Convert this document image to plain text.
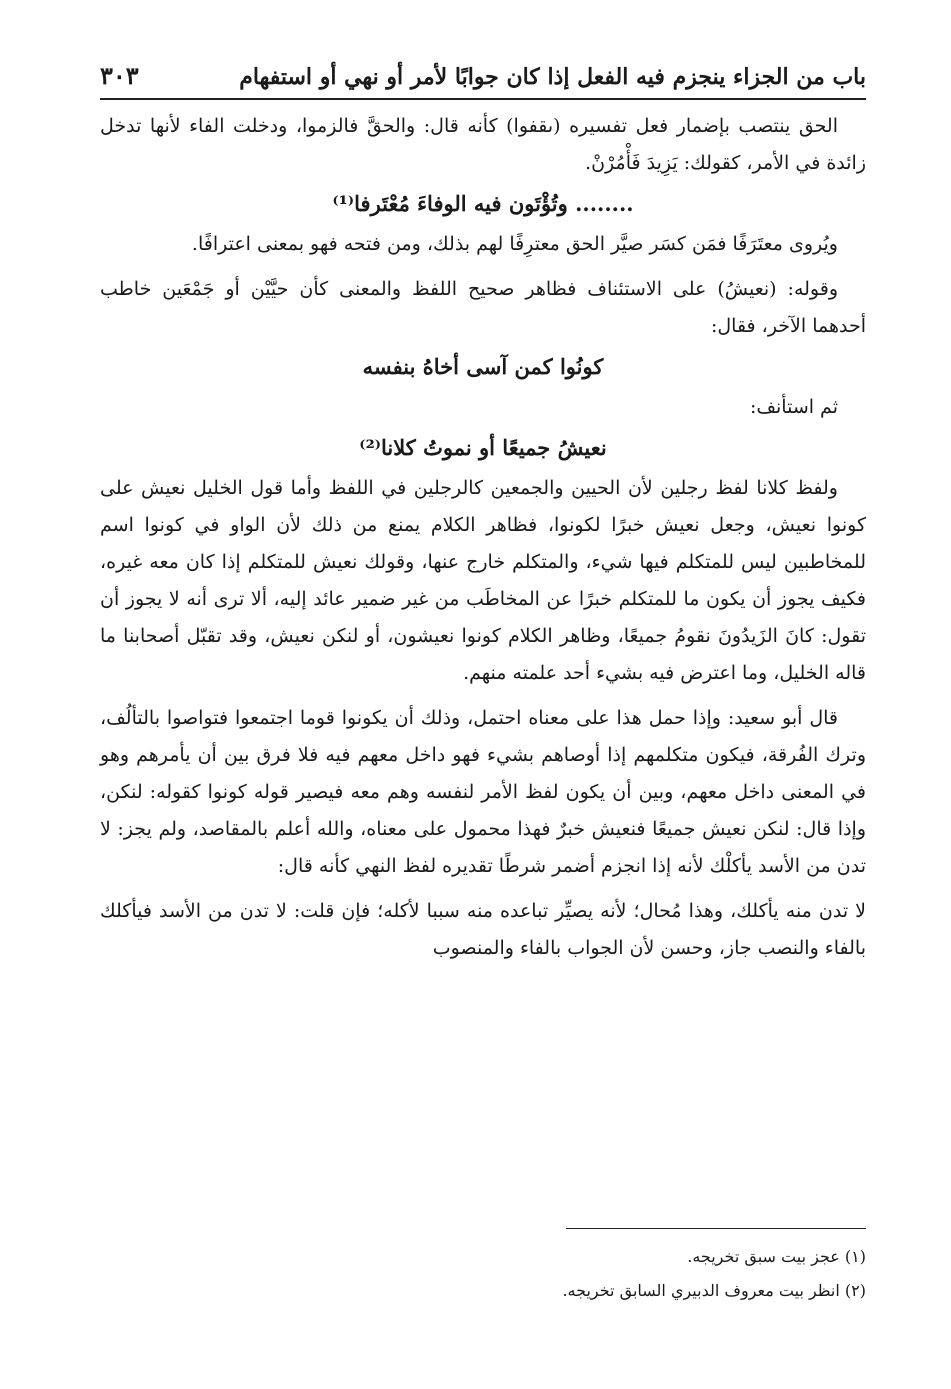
باب من الجزاء ينجزم فيه الفعل إذا كان جوابًا لأمر أو نهي أو استفهام
٣٠٣

الحق ينتصب بإضمار فعل تفسيره (ىقفوا) كأنه قال: والحقَّ فالزموا، ودخلت الفاء لأنها تدخل زائدة في الأمر، كقولك: يَزِيدَ فَأْمُرْنْ.

........ وتُؤْتَون فيه الوفاءَ مُعْتَرفا⁽¹⁾

ويُروى معتَرَفًا فمَن كسَر صيَّر الحق معترِفًا لهم بذلك، ومن فتحه فهو بمعنى اعترافًا.

وقوله: (نعيشُ) على الاستئناف فظاهر صحيح اللفظ والمعنى كأن حيَّيْن أو جَمْعَين خاطب أحدهما الآخر، فقال:

كونُوا كمن آسى أخاهُ بنفسه

ثم استأنف:

نعيشُ جميعًا أو نموتُ كلانا⁽²⁾

ولفظ كلانا لفظ رجلين لأن الحيين والجمعين كالرجلين في اللفظ وأما قول الخليل نعيش على كونوا نعيش، وجعل نعيش خبرًا لكونوا، فظاهر الكلام يمنع من ذلك لأن الواو في كونوا اسم للمخاطبين ليس للمتكلم فيها شيء، والمتكلم خارج عنها، وقولك نعيش للمتكلم إذا كان معه غيره، فكيف يجوز أن يكون ما للمتكلم خبرًا عن المخاطَب من غير ضمير عائد إليه، ألا ترى أنه لا يجوز أن تقول: كانَ الزَيدُونَ نقومُ جميعًا، وظاهر الكلام كونوا نعيشون، أو لنكن نعيش، وقد تقبّل أصحابنا ما قاله الخليل، وما اعترض فيه بشيء أحد علمته منهم.

قال أبو سعيد: وإذا حمل هذا على معناه احتمل، وذلك أن يكونوا قوما اجتمعوا فتواصوا بالتألُف، وترك الفُرقة، فيكون متكلمهم إذا أوصاهم بشيء فهو داخل معهم فيه فلا فرق بين أن يأمرهم وهو في المعنى داخل معهم، وبين أن يكون لفظ الأمر لنفسه وهم معه فيصير قوله كونوا كقوله: لنكن، وإذا قال: لنكن نعيش جميعًا فنعيش خبرٌ فهذا محمول على معناه، والله أعلم بالمقاصد، ولم يجز: لا تدن من الأسد يأكلْك لأنه إذا انجزم أضمر شرطًا تقديره لفظ النهي كأنه قال:

لا تدن منه يأكلك، وهذا مُحال؛ لأنه يصيِّر تباعده منه سببا لأكله؛ فإن قلت: لا تدن من الأسد فيأكلك بالفاء والنصب جاز، وحسن لأن الجواب بالفاء والمنصوب

(١) عجز بيت سبق تخريجه.
(٢) انظر بيت معروف الدبيري السابق تخريجه.
